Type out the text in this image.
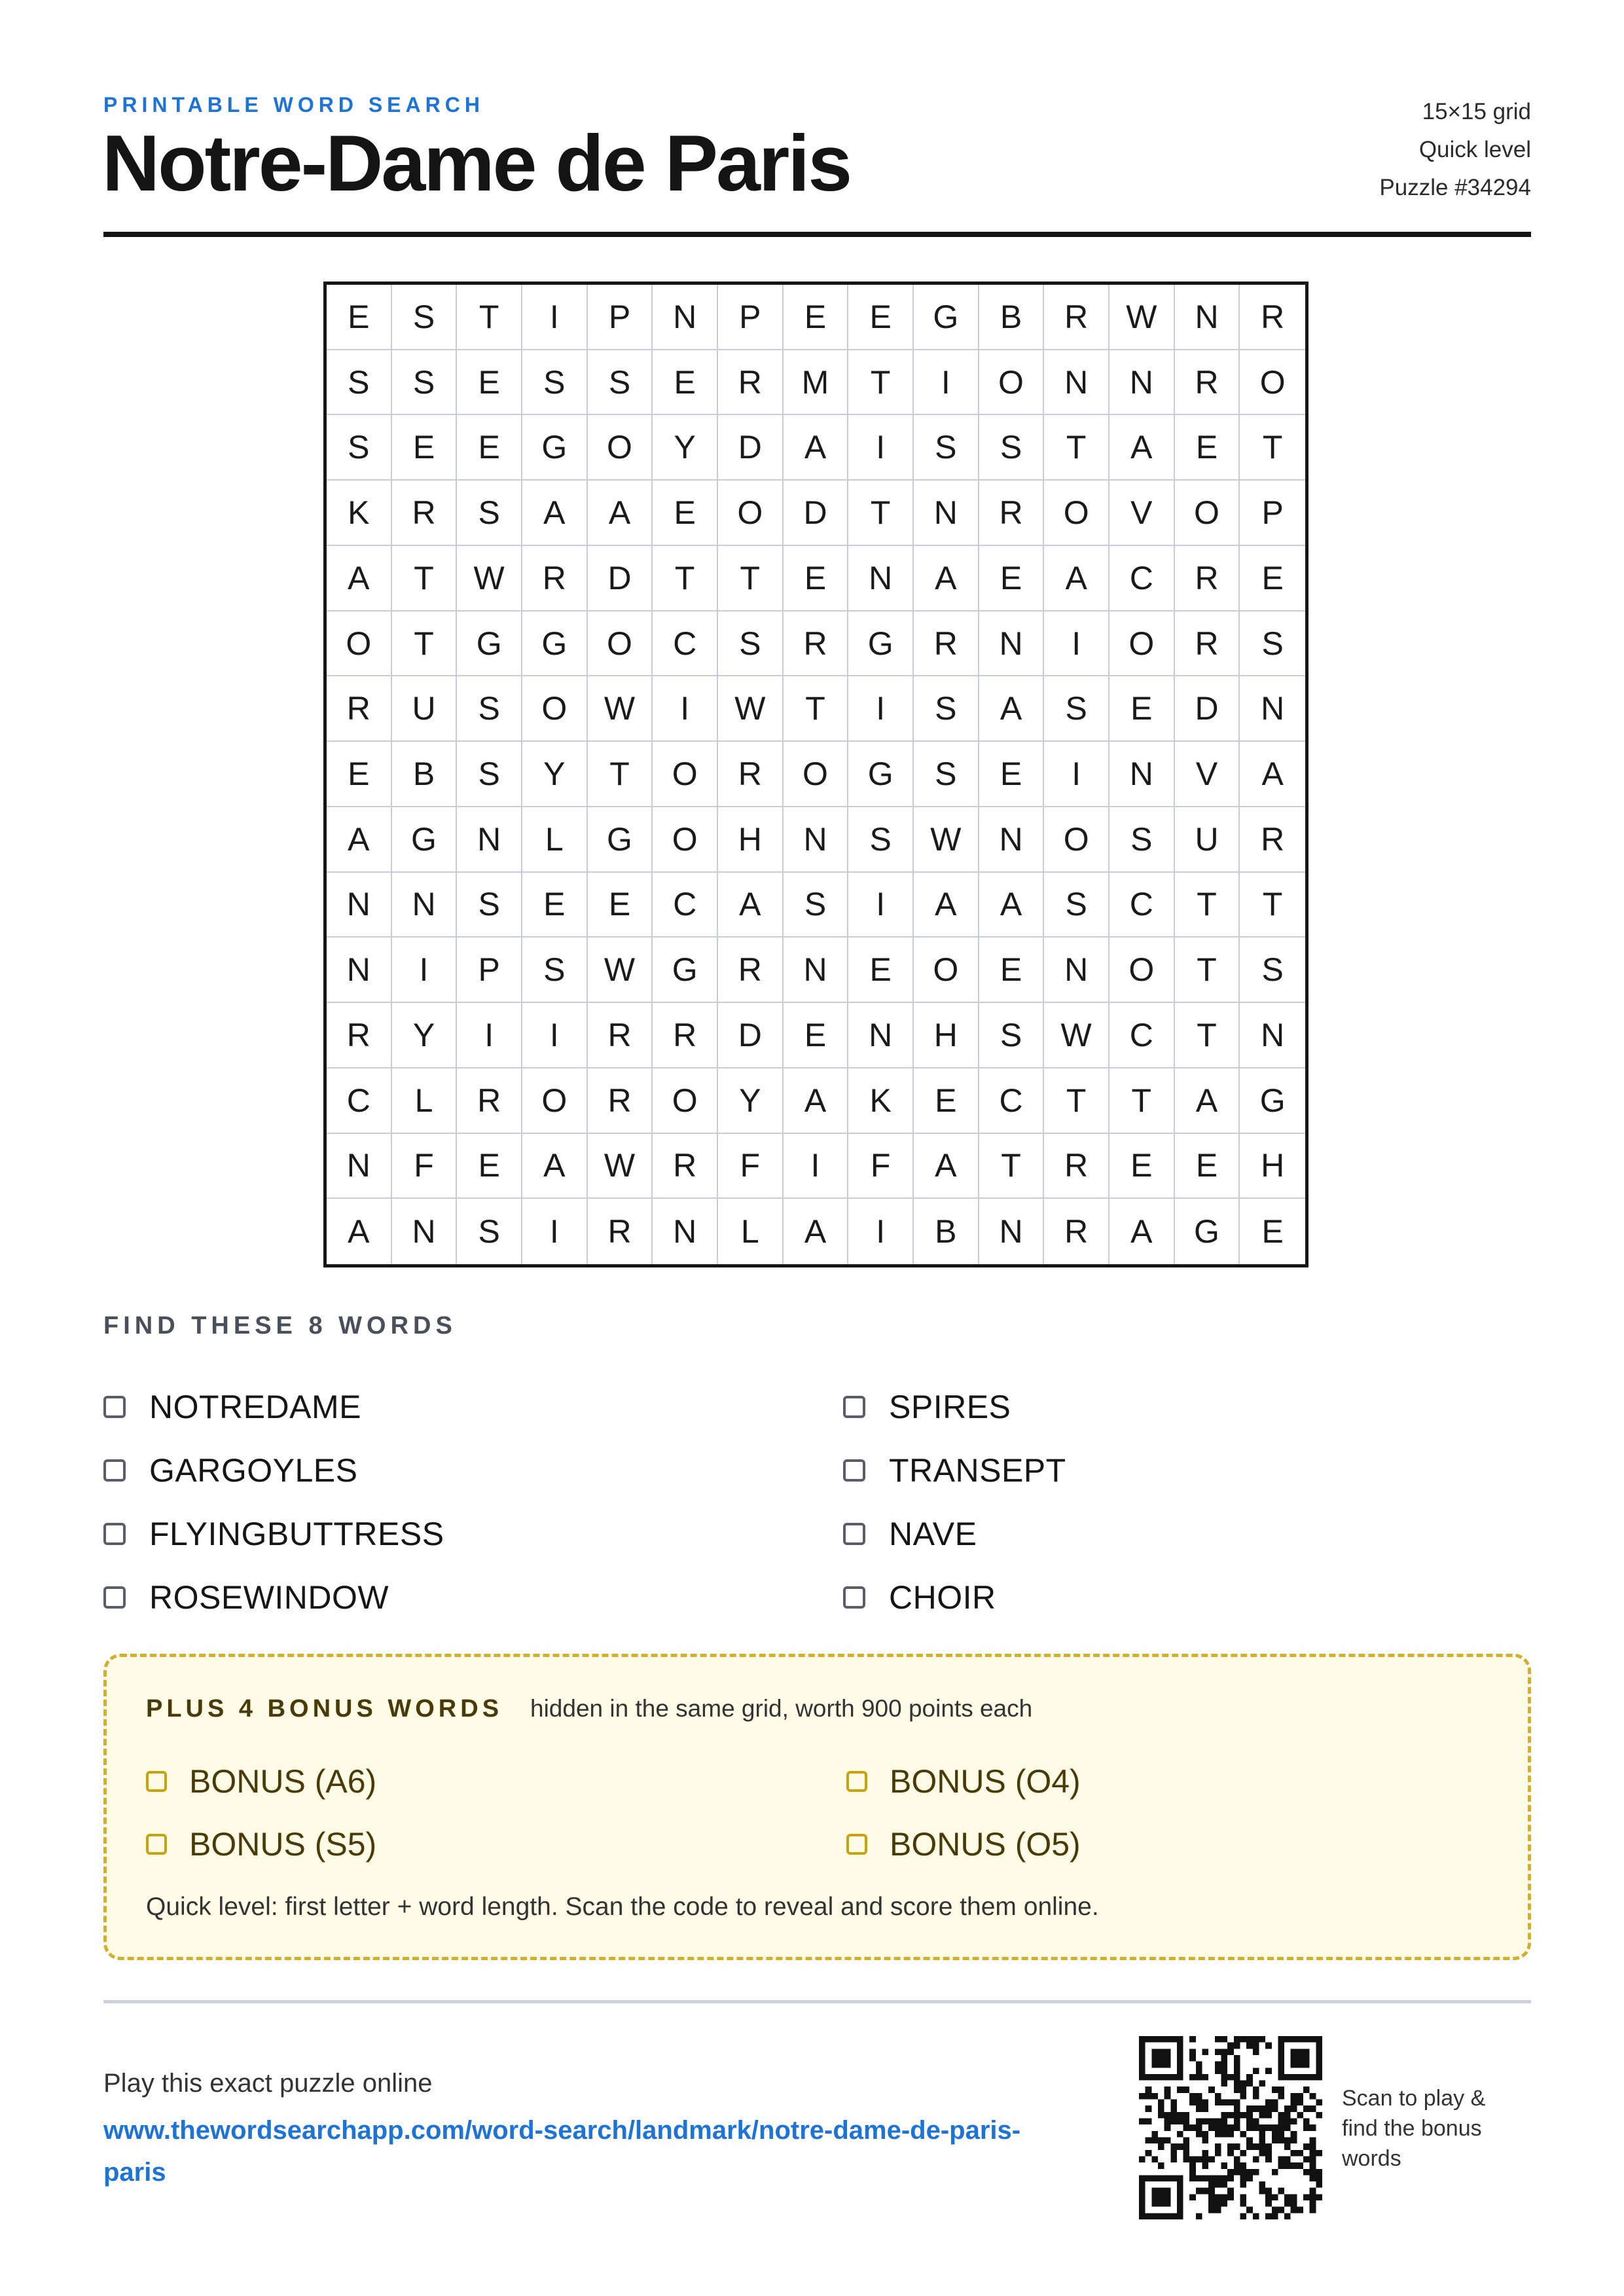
PRINTABLE WORD SEARCH
Notre-Dame de Paris
15×15 grid
Quick level
Puzzle #34294
E	S	T	I	P	N	P	E	E	G	B	R	W	N	R
S	S	E	S	S	E	R	M	T	I	O	N	N	R	O
S	E	E	G	O	Y	D	A	I	S	S	T	A	E	T
K	R	S	A	A	E	O	D	T	N	R	O	V	O	P
A	T	W	R	D	T	T	E	N	A	E	A	C	R	E
O	T	G	G	O	C	S	R	G	R	N	I	O	R	S
R	U	S	O	W	I	W	T	I	S	A	S	E	D	N
E	B	S	Y	T	O	R	O	G	S	E	I	N	V	A
A	G	N	L	G	O	H	N	S	W	N	O	S	U	R
N	N	S	E	E	C	A	S	I	A	A	S	C	T	T
N	I	P	S	W	G	R	N	E	O	E	N	O	T	S
R	Y	I	I	R	R	D	E	N	H	S	W	C	T	N
C	L	R	O	R	O	Y	A	K	E	C	T	T	A	G
N	F	E	A	W	R	F	I	F	A	T	R	E	E	H
A	N	S	I	R	N	L	A	I	B	N	R	A	G	E
FIND THESE 8 WORDS
NOTREDAME	SPIRES
GARGOYLES	TRANSEPT
FLYINGBUTTRESS	NAVE
ROSEWINDOW	CHOIR
PLUS 4 BONUS WORDS hidden in the same grid, worth 900 points each
BONUS (A6)	BONUS (O4)
BONUS (S5)	BONUS (O5)
Quick level: first letter + word length. Scan the code to reveal and score them online.
Play this exact puzzle online
www.thewordsearchapp.com/word-search/landmark/notre-dame-de-paris-paris
Scan to play & find the bonus words
